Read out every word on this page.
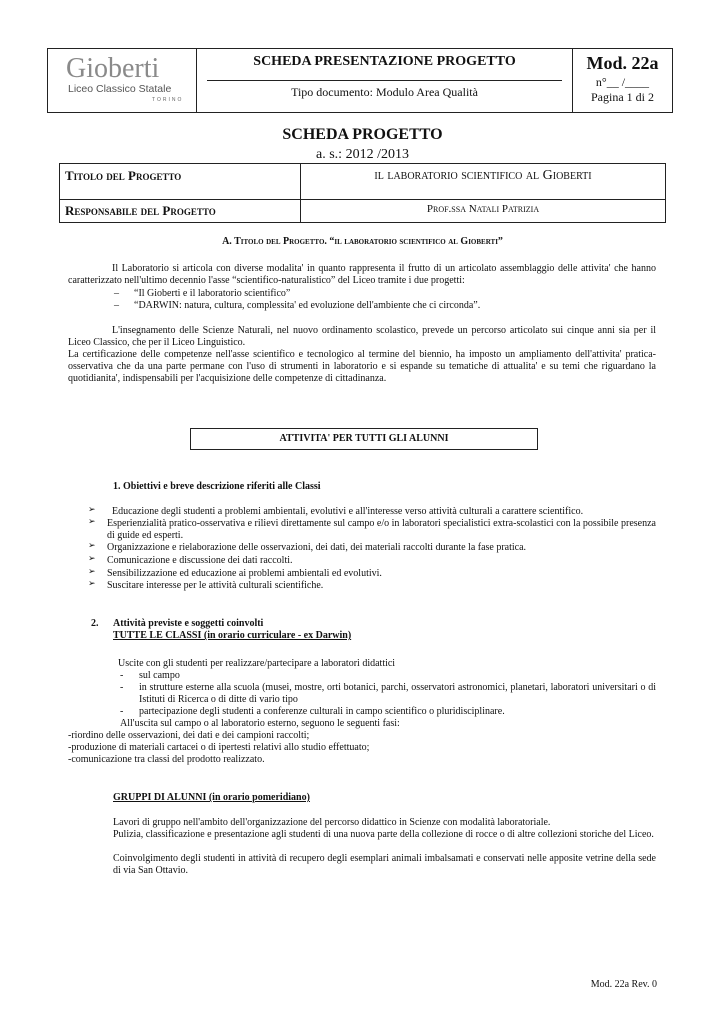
Gioberti
Liceo Classico Statale
TORINO
SCHEDA PRESENTAZIONE PROGETTO
Tipo documento: Modulo Area Qualità
Mod. 22a
n°__ /____
Pagina 1 di 2
SCHEDA PROGETTO
a. s.: 2012 /2013
Titolo del Progetto	il laboratorio scientifico al Gioberti
Responsabile del Progetto	Prof.ssa Natali Patrizia
A. Titolo del Progetto. “il laboratorio scientifico al Gioberti”
Il Laboratorio si articola con diverse modalita' in quanto rappresenta il frutto di un articolato assemblaggio delle attivita' che hanno caratterizzato nell'ultimo decennio l'asse “scientifico-naturalistico” del Liceo tramite i due progetti:
– “Il Gioberti e il laboratorio scientifico”
– “DARWIN: natura, cultura, complessita' ed evoluzione dell'ambiente che ci circonda”.
L'insegnamento delle Scienze Naturali, nel nuovo ordinamento scolastico, prevede un percorso articolato sui cinque anni sia per il Liceo Classico, che per il Liceo Linguistico.
La certificazione delle competenze nell'asse scientifico e tecnologico al termine del biennio, ha imposto un ampliamento dell'attivita' pratica-osservativa che da una parte permane con l'uso di strumenti in laboratorio e si espande su tematiche di attualita' e su temi che riguardano la quotidianita', indispensabili per l'acquisizione delle competenze di cittadinanza.
ATTIVITA' PER TUTTI GLI ALUNNI
1. Obiettivi e breve descrizione riferiti alle Classi
➢	Educazione degli studenti a problemi ambientali, evolutivi e all'interesse verso attività culturali a carattere scientifico.
➢ Esperienzialità pratico-osservativa e rilievi direttamente sul campo e/o in laboratori specialistici extra-scolastici con la possibile presenza di guide ed esperti.
➢ Organizzazione e rielaborazione delle osservazioni, dei dati, dei materiali raccolti durante la fase pratica.
➢ Comunicazione e discussione dei dati raccolti.
➢ Sensibilizzazione ed educazione ai problemi ambientali ed evolutivi.
➢ Suscitare interesse per le attività culturali scientifiche.
2. Attività previste e soggetti coinvolti
TUTTE LE CLASSI (in orario curriculare - ex Darwin)
Uscite con gli studenti per realizzare/partecipare a laboratori didattici
- sul campo
- in strutture esterne alla scuola (musei, mostre, orti botanici, parchi, osservatori astronomici, planetari, laboratori universitari o di Istituti di Ricerca o di ditte di vario tipo
- partecipazione degli studenti a conferenze culturali in campo scientifico o pluridisciplinare.
All'uscita sul campo o al laboratorio esterno, seguono le seguenti fasi:
-riordino delle osservazioni, dei dati e dei campioni raccolti;
-produzione di materiali cartacei o di ipertesti relativi allo studio effettuato;
-comunicazione tra classi del prodotto realizzato.
GRUPPI DI ALUNNI (in orario pomeridiano)
Lavori di gruppo nell'ambito dell'organizzazione del percorso didattico in Scienze con modalità laboratoriale.
Pulizia, classificazione e presentazione agli studenti di una nuova parte della collezione di rocce o di altre collezioni storiche del Liceo.
Coinvolgimento degli studenti in attività di recupero degli esemplari animali imbalsamati e conservati nelle apposite vetrine della sede di via San Ottavio.
Mod. 22a Rev. 0
